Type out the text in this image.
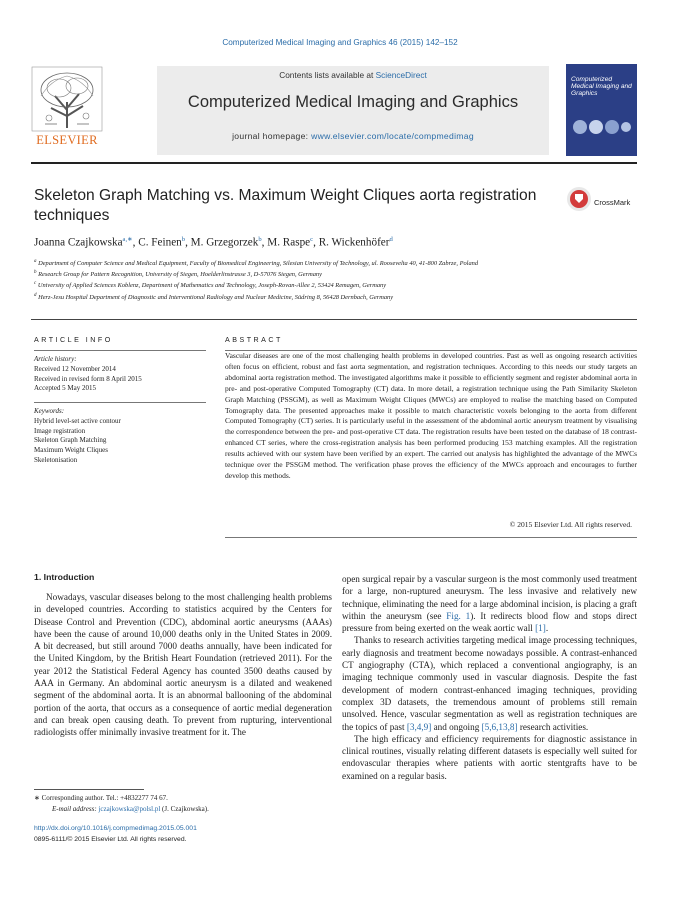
Computerized Medical Imaging and Graphics 46 (2015) 142–152
Contents lists available at ScienceDirect
Computerized Medical Imaging and Graphics
journal homepage: www.elsevier.com/locate/compmedimag
ELSEVIER
Computerized Medical Imaging and Graphics
Skeleton Graph Matching vs. Maximum Weight Cliques aorta registration techniques
CrossMark
Joanna Czajkowska$^{a,∗}$, C. Feinen$^b$, M. Grzegorzek$^b$, M. Raspe$^c$, R. Wickenhöfer$^d$
$^a$ Department of Computer Science and Medical Equipment, Faculty of Biomedical Engineering, Silesian University of Technology, ul. Roosevelta 40, 41-800 Zabrze, Poland
$^b$ Research Group for Pattern Recognition, University of Siegen, Hoelderlinstrasse 3, D-57076 Siegen, Germany
$^c$ University of Applied Sciences Koblenz, Department of Mathematics and Technology, Joseph-Rovan-Allee 2, 53424 Remagen, Germany
$^d$ Herz-Jesu Hospital Department of Diagnostic and Interventional Radiology and Nuclear Medicine, Südring 8, 56428 Dernbach, Germany
ARTICLE INFO
Article history:
Received 12 November 2014
Received in revised form 8 April 2015
Accepted 5 May 2015
Keywords:
Hybrid level-set active contour
Image registration
Skeleton Graph Matching
Maximum Weight Cliques
Skeletonisation
ABSTRACT
Vascular diseases are one of the most challenging health problems in developed countries. Past as well as ongoing research activities often focus on efficient, robust and fast aorta segmentation, and registration techniques. According to this needs our study targets an abdominal aorta registration method. The investigated algorithms make it possible to efficiently segment and register abdominal aorta in pre- and post-operative Computed Tomography (CT) data. In more detail, a registration technique using the Path Similarity Skeleton Graph Matching (PSSGM), as well as Maximum Weight Cliques (MWCs) are employed to realise the matching based on Computed Tomography data. The presented approaches make it possible to match characteristic voxels belonging to the aorta from different Computed Tomography (CT) series. It is particularly useful in the assessment of the abdominal aortic aneurysm treatment by visualising the correspondence between the pre- and post-operative CT data. The registration results have been tested on the database of 18 contrast-enhanced CT series, where the cross-registration analysis has been performed producing 153 matching examples. All the registration results achieved with our system have been verified by an expert. The carried out analysis has highlighted the advantage of the MWCs technique over the PSSGM method. The verification phase proves the efficiency of the MWCs approach and encourages to further develop this methods.
© 2015 Elsevier Ltd. All rights reserved.
1. Introduction

Nowadays, vascular diseases belong to the most challenging health problems in developed countries. According to statistics acquired by the Centers for Disease Control and Prevention (CDC), abdominal aortic aneurysms (AAAs) have been the cause of around 10,000 deaths only in the United States in 2009. A bit decreased, but still around 7000 deaths annually, have been indicated for the United Kingdom, by the British Heart Foundation (retrieved 2011). For the year 2012 the Statistical Federal Agency has counted 3500 deaths caused by AAA in Germany. An abdominal aortic aneurysm is a dilated and weakened segment of the abdominal aorta. It is an abnormal ballooning of the abdominal portion of the aorta, that occurs as a consequence of aortic medial degeneration and can break open causing death. To prevent from rupturing, interventional radiologists offer minimally invasive treatment for it. The

open surgical repair by a vascular surgeon is the most commonly used treatment for a large, non-ruptured aneurysm. The less invasive and relatively new technique, eliminating the need for a large abdominal incision, is placing a graft within the aneurysm (see Fig. 1). It redirects blood flow and stops direct pressure from being exerted on the weak aortic wall [1].

Thanks to research activities targeting medical image processing techniques, early diagnosis and treatment become nowadays possible. A contrast-enhanced CT angiography (CTA), which replaced a conventional angiography, is an imaging technique commonly used in vascular diagnosis. Despite the fast development of modern contrast-enhanced imaging techniques, providing complex 3D datasets, the tremendous amount of problems still remain unsolved. Hence, vascular segmentation as well as registration techniques are the topics of past [3,4,9] and ongoing [5,6,13,8] research activities.

The high efficacy and efficiency requirements for diagnostic assistance in clinical routines, visually relating different datasets is especially well suited for endovascular therapies where patients with aortic stentgrafts have to be examined on a regular basis.

∗ Corresponding author. Tel.: +4832277 74 67.
E-mail address: jczajkowska@polsl.pl (J. Czajkowska).
http://dx.doi.org/10.1016/j.compmedimag.2015.05.001
0895-6111/© 2015 Elsevier Ltd. All rights reserved.
